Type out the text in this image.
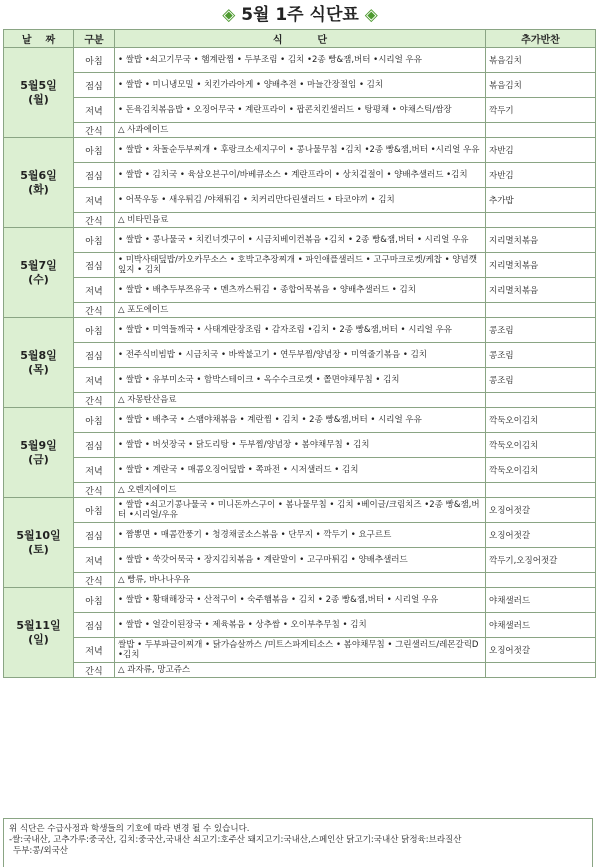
◈ 5월 1주 식단표 ◈
날    짜	구분	식          단	추가반찬

5월5일
(월)	아침	• 쌀밥 •쇠고기무국 • 햄계란찜 • 두부조림 • 김치 •2종 빵&잼,버터 •시리얼 우유	볶음김치
	점심	• 쌀밥 • 미니냉모밀 • 치킨가라아게 • 양배추전 • 마늘간장절임 • 김치	볶음김치
	저녁	• 돈육김치볶음밥 • 오징어무국 • 계란프라이 • 팝콘치킨샐러드 • 탕평채 • 야채스틱/쌈장	깍두기
	간식	△ 사과에이드	

5월6일
(화)	아침	• 쌀밥 • 차돌순두부찌개 • 후랑크소세지구이 • 콩나물무침 •김치 •2종 빵&잼,버터 •시리얼 우유	자반김
	점심	• 쌀밥 • 김치국 • 육삼오븐구이/바베큐소스 • 계란프라이 • 상치겉절이 • 양배추샐러드 •김치	자반김
	저녁	• 어묵우동 • 새우튀김 /야채튀김 • 치커리만다린샐러드 • 타코야끼 • 김치	추가밥
	간식	△ 비타민음료	

5월7일
(수)	아침	• 쌀밥 • 콩나물국 • 치킨너겟구이 • 시금치베이컨볶음 •김치 • 2종 빵&잼,버터 • 시리얼 우유	지리멸치볶음
	점심	• 미박사태덮밥/카오카무소스 • 호박고추장찌개 • 파인애플샐러드 • 고구마크로켓/케찹 • 양념깻잎지 • 김치	지리멸치볶음
	저녁	• 쌀밥 • 배추두부쯔유국 • 멘츠까스튀김 • 종합어묵볶음 • 양배추샐러드 • 김치	지리멸치볶음
	간식	△ 포도에이드	

5월8일
(목)	아침	• 쌀밥 • 미역들깨국 • 사태계란장조림 • 감자조림 •김치 • 2종 빵&잼,버터 • 시리얼 우유	콩조림
	점심	• 전주식비빔밥 • 시금치국 • 바싹불고기 • 연두부찜/양념장 • 미역줄기볶음 • 김치	콩조림
	저녁	• 쌀밥 • 유부미소국 • 함박스테이크 • 옥수수크로켓 • 쫄면야채무침 • 김치	콩조림
	간식	△ 자몽탄산음료	

5월9일
(금)	아침	• 쌀밥 • 배추국 • 스팸야채볶음 • 계란찜 • 김치 • 2종 빵&잼,버터 • 시리얼 우유	깍둑오이김치
	점심	• 쌀밥 • 버섯장국 • 닭도리탕 • 두부찜/양념장 • 봄야채무침 • 김치	깍둑오이김치
	저녁	• 쌀밥 • 계란국 • 매콤오징어덮밥 • 쪽파전 • 시저샐러드 • 김치	깍둑오이김치
	간식	△ 오렌지에이드	

5월10일
(토)	아침	• 쌀밥 •쇠고기콩나물국 • 미니돈까스구이 • 봄나물무침 • 김치 •베이글/크림치즈 •2종 빵&잼,버터 •시리얼/우유	오징어젓갈
	점심	• 짬뽕면 • 매콤깐풍기 • 청경채굴소스볶음 • 단무지 • 깍두기 • 요구르트	오징어젓갈
	저녁	• 쌀밥 • 쑥갓어묵국 • 장지김치볶음 • 계란말이 • 고구마튀김 • 양배추샐러드	깍두기,오징어젓갈
	간식	△ 빵류, 바나나우유	

5월11일
(일)	아침	• 쌀밥 • 황태해장국 • 산적구이 • 숙주햄볶음 • 김치 • 2종 빵&잼,버터 • 시리얼 우유	야채샐러드
	점심	• 쌀밥 • 얼갈이된장국 • 제육볶음 • 상추쌈 • 오이부추무침 • 김치	야채샐러드
	저녁	쌀밥 • 두부파글이찌개 • 닭가슴살까스 /미트스파게티소스 • 봄야채무침 • 그린샐러드/레몬갈릭D •김치	오징어젓갈
	간식	△ 과자류, 망고쥬스	
위 식단은 수급사정과 학생들의 기호에 따라 변경 될 수 있습니다.
-쌀:국내산, 고추가루:중국산, 김치:중국산,국내산 쇠고기:호주산 돼지고기:국내산,스페인산 닭고기:국내산 닭정육:브라질산
두부:콩/외국산
